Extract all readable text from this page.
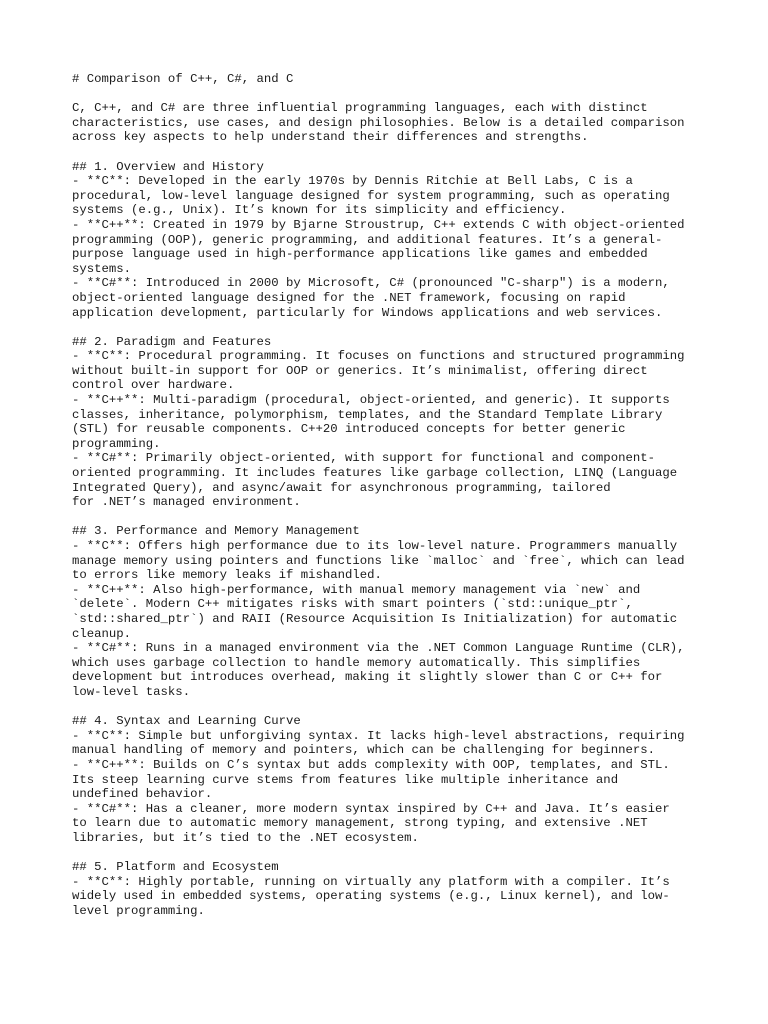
# Comparison of C++, C#, and C
C, C++, and C# are three influential programming languages, each with distinct
characteristics, use cases, and design philosophies. Below is a detailed comparison
across key aspects to help understand their differences and strengths.
## 1. Overview and History
- **C**: Developed in the early 1970s by Dennis Ritchie at Bell Labs, C is a
procedural, low-level language designed for system programming, such as operating
systems (e.g., Unix). It’s known for its simplicity and efficiency.
- **C++**: Created in 1979 by Bjarne Stroustrup, C++ extends C with object-oriented
programming (OOP), generic programming, and additional features. It’s a general-
purpose language used in high-performance applications like games and embedded
systems.
- **C#**: Introduced in 2000 by Microsoft, C# (pronounced "C-sharp") is a modern,
object-oriented language designed for the .NET framework, focusing on rapid
application development, particularly for Windows applications and web services.
## 2. Paradigm and Features
- **C**: Procedural programming. It focuses on functions and structured programming
without built-in support for OOP or generics. It’s minimalist, offering direct
control over hardware.
- **C++**: Multi-paradigm (procedural, object-oriented, and generic). It supports
classes, inheritance, polymorphism, templates, and the Standard Template Library
(STL) for reusable components. C++20 introduced concepts for better generic
programming.
- **C#**: Primarily object-oriented, with support for functional and component-
oriented programming. It includes features like garbage collection, LINQ (Language
Integrated Query), and async/await for asynchronous programming, tailored
for .NET’s managed environment.
## 3. Performance and Memory Management
- **C**: Offers high performance due to its low-level nature. Programmers manually
manage memory using pointers and functions like `malloc` and `free`, which can lead
to errors like memory leaks if mishandled.
- **C++**: Also high-performance, with manual memory management via `new` and
`delete`. Modern C++ mitigates risks with smart pointers (`std::unique_ptr`,
`std::shared_ptr`) and RAII (Resource Acquisition Is Initialization) for automatic
cleanup.
- **C#**: Runs in a managed environment via the .NET Common Language Runtime (CLR),
which uses garbage collection to handle memory automatically. This simplifies
development but introduces overhead, making it slightly slower than C or C++ for
low-level tasks.
## 4. Syntax and Learning Curve
- **C**: Simple but unforgiving syntax. It lacks high-level abstractions, requiring
manual handling of memory and pointers, which can be challenging for beginners.
- **C++**: Builds on C’s syntax but adds complexity with OOP, templates, and STL.
Its steep learning curve stems from features like multiple inheritance and
undefined behavior.
- **C#**: Has a cleaner, more modern syntax inspired by C++ and Java. It’s easier
to learn due to automatic memory management, strong typing, and extensive .NET
libraries, but it’s tied to the .NET ecosystem.
## 5. Platform and Ecosystem
- **C**: Highly portable, running on virtually any platform with a compiler. It’s
widely used in embedded systems, operating systems (e.g., Linux kernel), and low-
level programming.
